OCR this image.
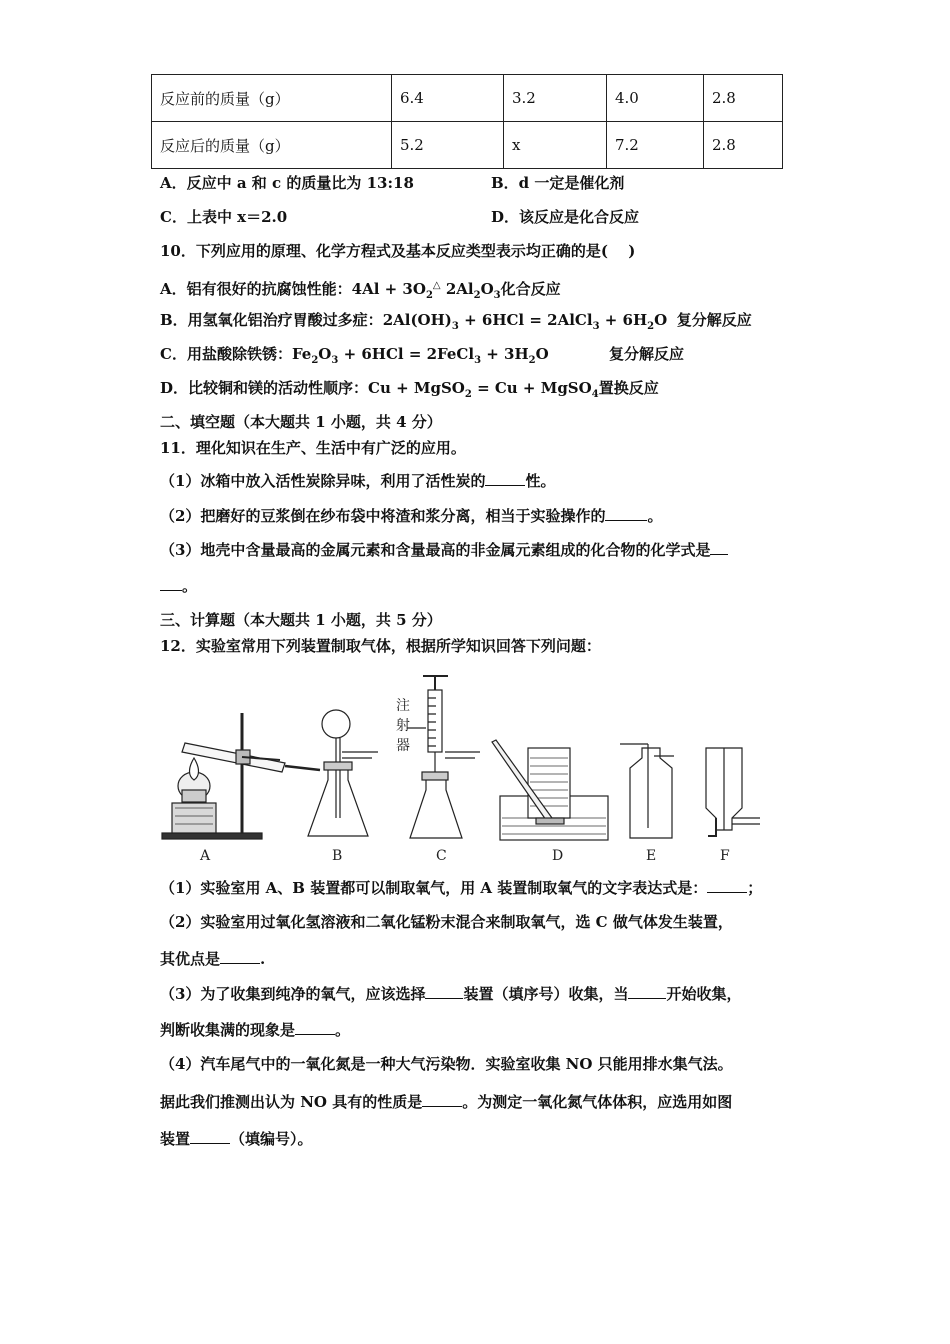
反应前的质量（g）	6.4	3.2	4.0	2.8
反应后的质量（g）	5.2	x	7.2	2.8
A．反应中 a 和 c 的质量比为 13:18	B．d 一定是催化剂
C．上表中 x＝2.0	D．该反应是化合反应
10．下列应用的原理、化学方程式及基本反应类型表示均正确的是(　 )
A．铝有很好的抗腐蚀性能：$4Al + 3O_2^\triangle$ $2Al_2O_3$化合反应
B．用氢氧化铝治疗胃酸过多症：$2Al(OH)_3 + 6HCl$ = 2AlCl$_3$ + $6H_2O$ 复分解反应
C．用盐酸除铁锈：$Fe_2O_3 + 6HCl$ = 2FeCl$_3$ + $3H_2O$	复分解反应
D．比较铜和镁的活动性顺序：Cu + MgSO$_2$ = Cu + MgSO$_4$置换反应
二、填空题（本大题共 1 小题，共 4 分）
11．理化知识在生产、生活中有广泛的应用。
（1）冰箱中放入活性炭除异味，利用了活性炭的	性。
（2）把磨好的豆浆倒在纱布袋中将渣和浆分离，相当于实验操作的	。
（3）地壳中含量最高的金属元素和含量最高的非金属元素组成的化合物的化学式是
。
三、计算题（本大题共 1 小题，共 5 分）
12．实验室常用下列装置制取气体，根据所学知识回答下列问题：
A	B
注
射
器
C	D	E	F
（1）实验室用 A、B 装置都可以制取氧气，用 A 装置制取氧气的文字表达式是：	；
（2）实验室用过氧化氢溶液和二氧化锰粉末混合来制取氧气，选 C 做气体发生装置，
其优点是	.
（3）为了收集到纯净的氧气，应该选择	装置（填序号）收集，当	开始收集，
判断收集满的现象是	。
（4）汽车尾气中的一氧化氮是一种大气污染物．实验室收集 NO 只能用排水集气法。
据此我们推测出认为 NO 具有的性质是	。为测定一氧化氮气体体积，应选用如图
装置	（填编号）。
